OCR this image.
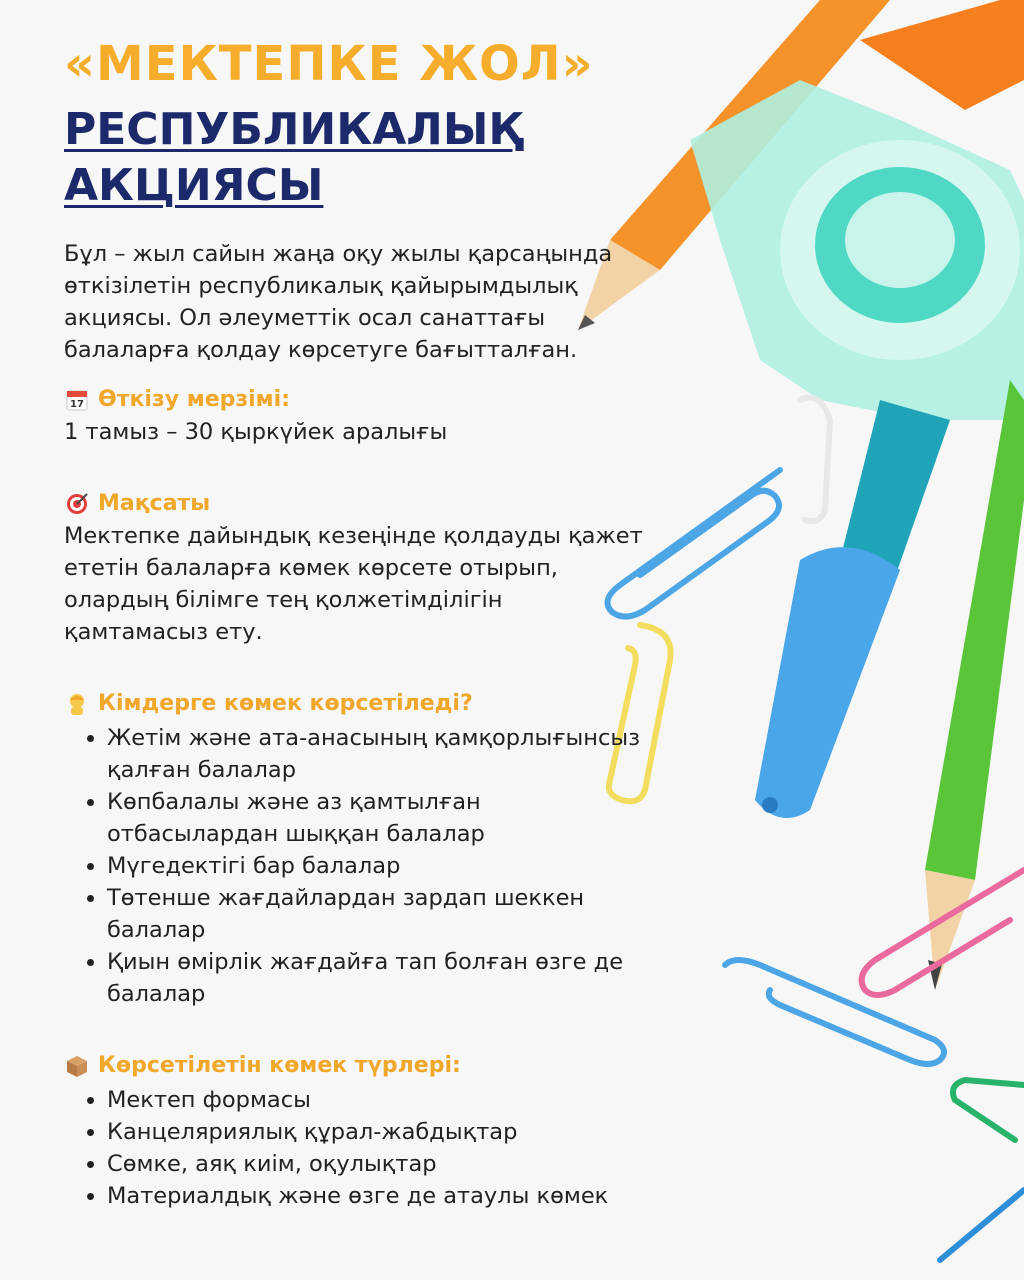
«МЕКТЕПКЕ ЖОЛ»
РЕСПУБЛИКАЛЫҚ
АКЦИЯСЫ

Бұл – жыл сайын жаңа оқу жылы қарсаңында өткізілетін республикалық қайырымдылық акциясы. Ол әлеуметтік осал санаттағы балаларға қолдау көрсетуге бағытталған.

17 Өткізу мерзімі:
1 тамыз – 30 қыркүйек аралығы
Мақсаты
Мектепке дайындық кезеңінде қолдауды қажет ететін балаларға көмек көрсете отырып, олардың білімге тең қолжетімділігін қамтамасыз ету.
Кімдерге көмек көрсетіледі?
• Жетім және ата-анасының қамқорлығынсыз қалған балалар
• Көпбалалы және аз қамтылған отбасылардан шыққан балалар
• Мүгедектігі бар балалар
• Төтенше жағдайлардан зардап шеккен балалар
• Қиын өмірлік жағдайға тап болған өзге де балалар
Көрсетілетін көмек түрлері:
• Мектеп формасы
• Канцеляриялық құрал-жабдықтар
• Сөмке, аяқ киім, оқулықтар
• Материалдық және өзге де атаулы көмек
